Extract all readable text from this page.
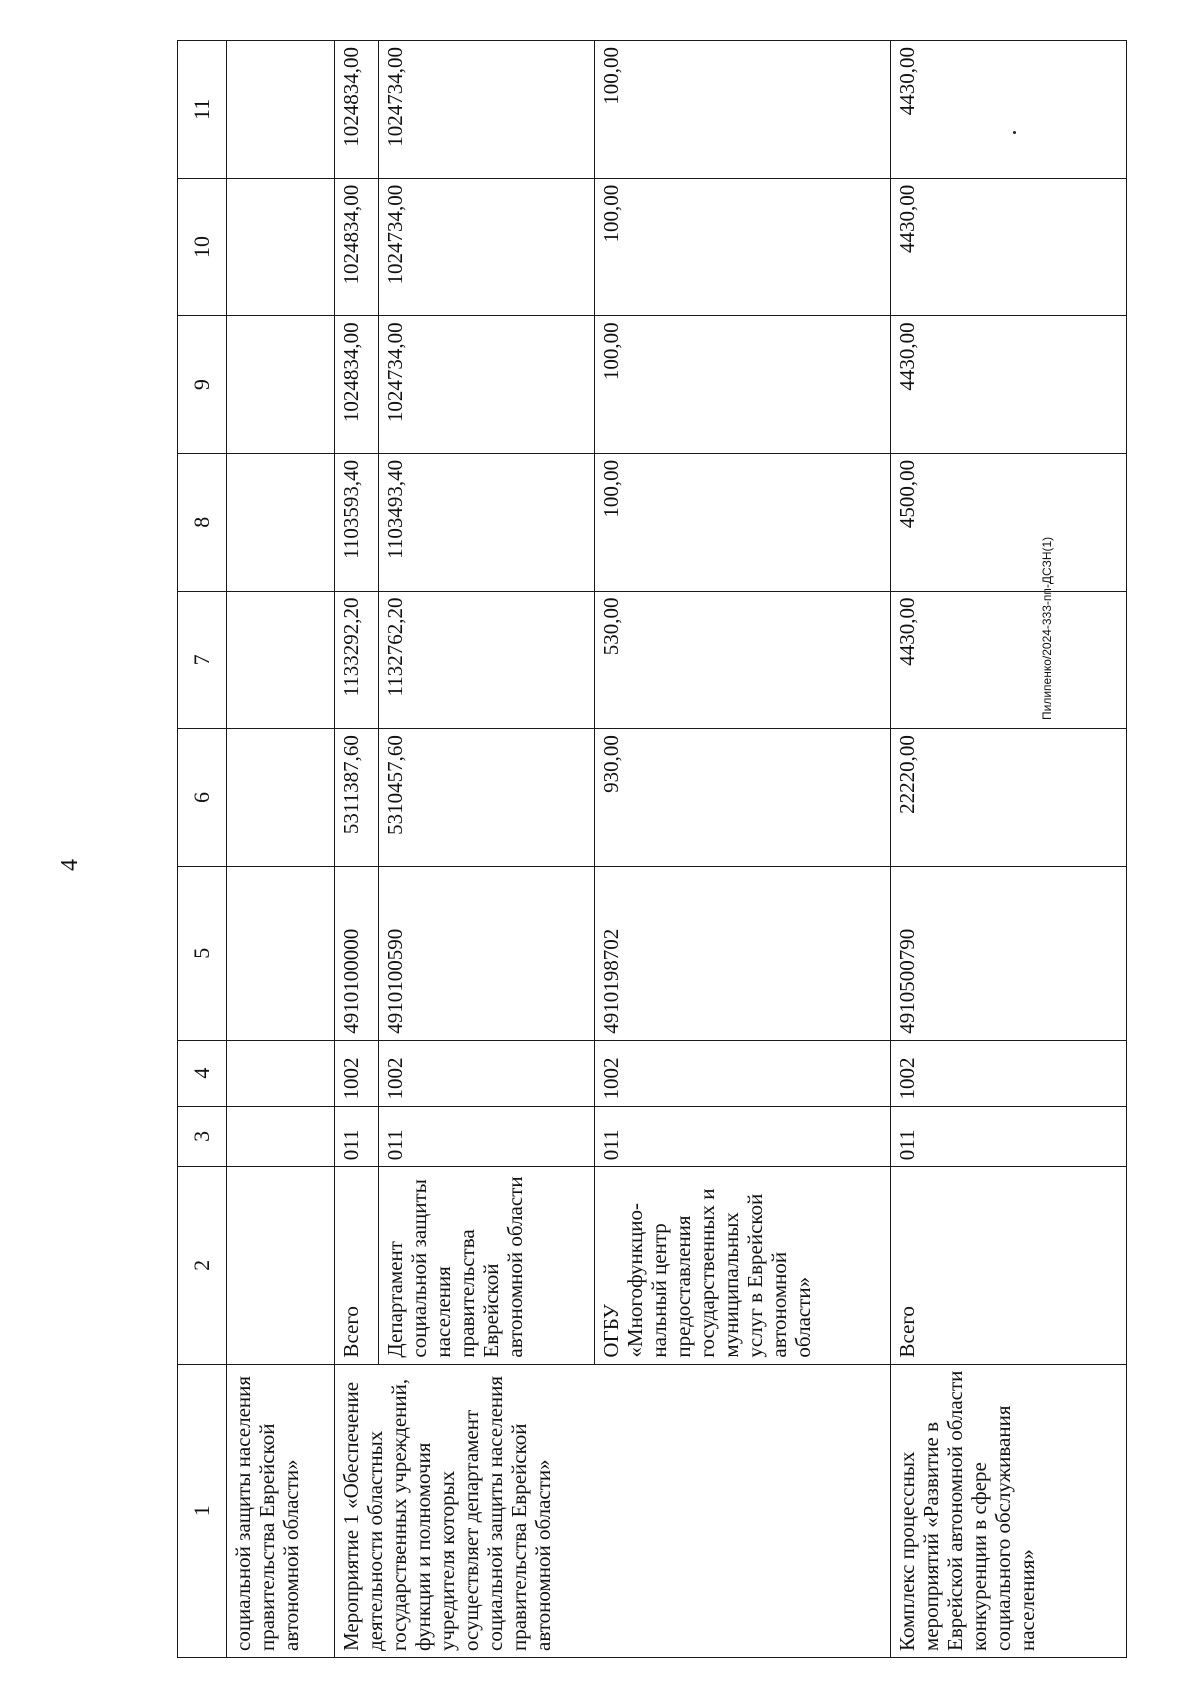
4
Пилипенко/2024-333-пп-ДСЗН(1)
1	2	3	4	5	6	7	8	9	10	11
социальной защиты населения правительства Еврейской автономной области»										
Мероприятие 1 «Обеспечение деятельности областных государственных учреждений, функции и полномочия учредителя которых осуществляет департамент социальной защиты населения правительства Еврейской автономной области»	Всего	011	1002	4910100000	5311387,60	1133292,20	1103593,40	1024834,00	1024834,00	1024834,00
	Департамент социальной защиты населения правительства Еврейской автономной области	011	1002	4910100590	5310457,60	1132762,20	1103493,40	1024734,00	1024734,00	1024734,00
	ОГБУ «Многофункцио-нальный центр предоставления государственных и муниципальных услуг в Еврейской автономной области»	011	1002	4910198702	930,00	530,00	100,00	100,00	100,00	100,00
Комплекс процессных мероприятий «Развитие в Еврейской автономной области конкуренции в сфере социального обслуживания населения»	Всего	011	1002	4910500790	22220,00	4430,00	4500,00	4430,00	4430,00	4430,00
